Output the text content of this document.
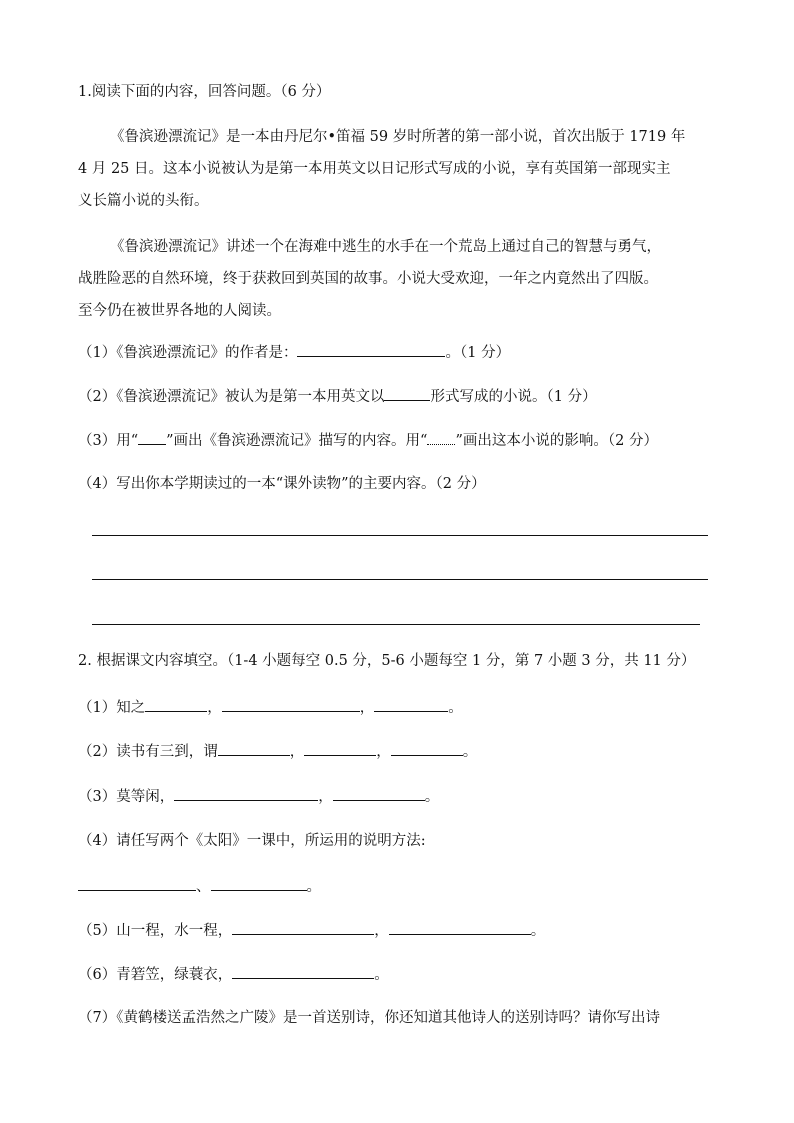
1.阅读下面的内容，回答问题。（6 分）
《鲁滨逊漂流记》是一本由丹尼尔•笛福 59 岁时所著的第一部小说，首次出版于 1719 年
4 月 25 日。这本小说被认为是第一本用英文以日记形式写成的小说，享有英国第一部现实主
义长篇小说的头衔。
《鲁滨逊漂流记》讲述一个在海难中逃生的水手在一个荒岛上通过自己的智慧与勇气，
战胜险恶的自然环境，终于获救回到英国的故事。小说大受欢迎，一年之内竟然出了四版。
至今仍在被世界各地的人阅读。
（1）《鲁滨逊漂流记》的作者是：	。（1 分）
（2）《鲁滨逊漂流记》被认为是第一本用英文以	形式写成的小说。（1 分）
（3）用“ ”画出《鲁滨逊漂流记》描写的内容。用“ ”画出这本小说的影响。（2 分）
（4）写出你本学期读过的一本“课外读物”的主要内容。（2 分）
2. 根据课文内容填空。（1-4 小题每空 0.5 分，5-6 小题每空 1 分，第 7 小题 3 分，共 11 分）
（1）知之	，	，	。
（2）读书有三到，谓	，	，	。
（3）莫等闲，	，	。
（4）请任写两个《太阳》一课中，所运用的说明方法:
、	。
（5）山一程，水一程，	，	。
（6）青箬笠，绿蓑衣，	。
（7）《黄鹤楼送孟浩然之广陵》是一首送别诗，你还知道其他诗人的送别诗吗？请你写出诗
